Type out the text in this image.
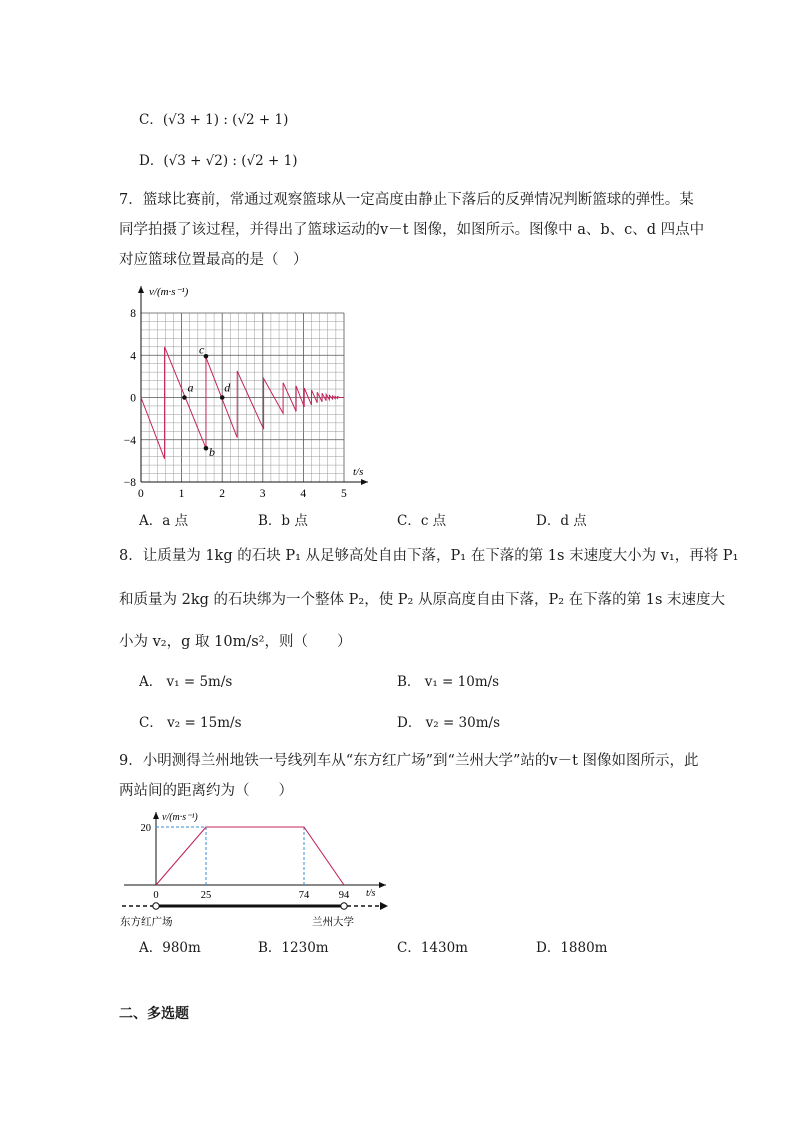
C．(√3 + 1) : (√2 + 1)
D．(√3 + √2) : (√2 + 1)
7．篮球比赛前，常通过观察篮球从一定高度由静止下落后的反弹情况判断篮球的弹性。某
同学拍摄了该过程，并得出了篮球运动的v－t 图像，如图所示。图像中 a、b、c、d 四点中
对应篮球位置最高的是（　）
a
b
c
d
0	1	2	3	4	5
8
4
0
−4
−8
v/(m·s⁻¹)
t/s
A．a 点	B．b 点	C．c 点	D．d 点
8．让质量为 1kg 的石块 P₁ 从足够高处自由下落，P₁ 在下落的第 1s 末速度大小为 v₁，再将 P₁
和质量为 2kg 的石块绑为一个整体 P₂，使 P₂ 从原高度自由下落，P₂ 在下落的第 1s 末速度大
小为 v₂，g 取 10m/s²，则（　　）
A． v₁ = 5m/s	B． v₁ = 10m/s
C． v₂ = 15m/s	D． v₂ = 30m/s
9．小明测得兰州地铁一号线列车从“东方红广场”到“兰州大学”站的v－t 图像如图所示，此
两站间的距离约为（　　）
0	25	74	94
20
v/(m·s⁻¹)
t/s
东方红广场	兰州大学
A．980m	B．1230m	C．1430m	D．1880m
二、多选题
